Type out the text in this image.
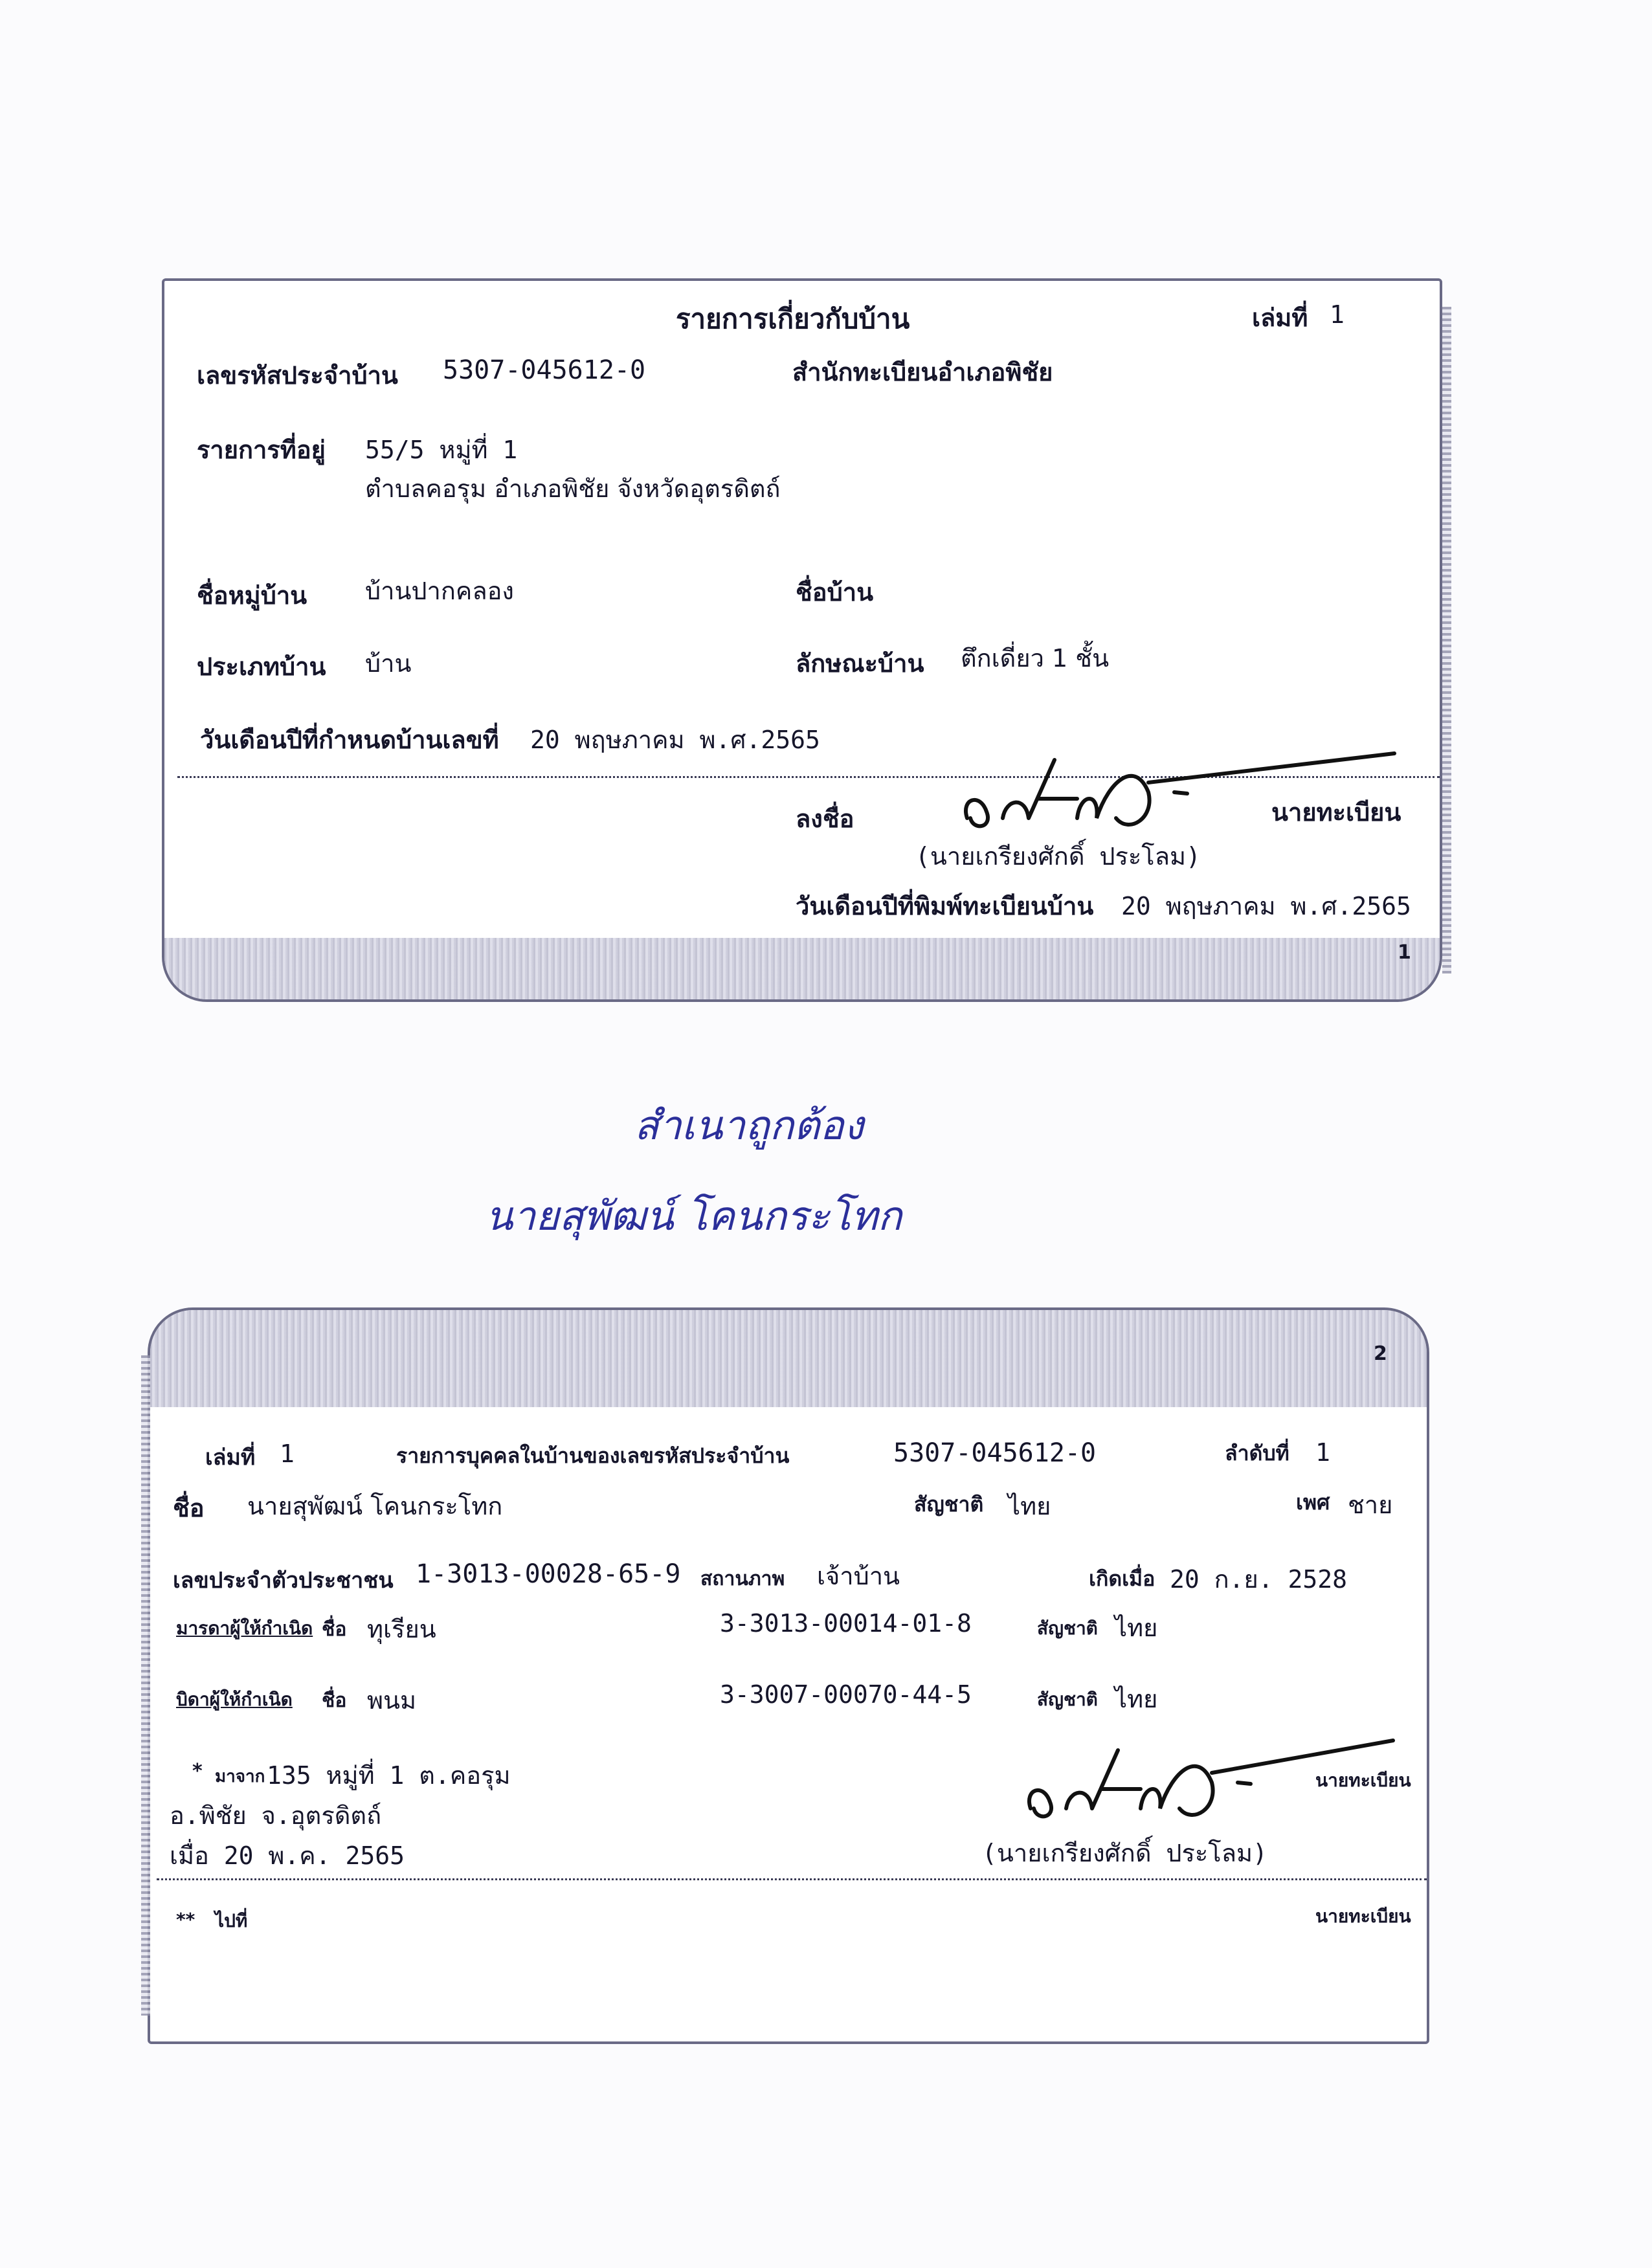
รายการเกี่ยวกับบ้าน	เล่มที่ 1
เลขรหัสประจำบ้าน 5307-045612-0	สำนักทะเบียนอำเภอพิชัย
รายการที่อยู่ 55/5 หมู่ที่ 1
ตำบลคอรุม อำเภอพิชัย จังหวัดอุตรดิตถ์
ชื่อหมู่บ้าน บ้านปากคลอง	ชื่อบ้าน
ประเภทบ้าน บ้าน	ลักษณะบ้าน ตึกเดี่ยว 1 ชั้น
วันเดือนปีที่กำหนดบ้านเลขที่ 20 พฤษภาคม พ.ศ.2565
ลงชื่อ	นายทะเบียน
(นายเกรียงศักดิ์ ประโลม)
วันเดือนปีที่พิมพ์ทะเบียนบ้าน 20 พฤษภาคม พ.ศ.2565
1
สำเนาถูกต้อง
นายสุพัฒน์ โคนกระโทก
2
เล่มที่ 1	รายการบุคคลในบ้านของเลขรหัสประจำบ้าน	5307-045612-0	ลำดับที่ 1
ชื่อ นายสุพัฒน์ โคนกระโทก	สัญชาติ ไทย	เพศ ชาย
เลขประจำตัวประชาชน 1-3013-00028-65-9 สถานภาพ เจ้าบ้าน	เกิดเมื่อ 20 ก.ย. 2528
มารดาผู้ให้กำเนิด ชื่อ ทุเรียน	3-3013-00014-01-8	สัญชาติ ไทย
บิดาผู้ให้กำเนิด ชื่อ พนม	3-3007-00070-44-5	สัญชาติ ไทย
* มาจาก 135 หมู่ที่ 1 ต.คอรุม
อ.พิชัย จ.อุตรดิตถ์
เมื่อ 20 พ.ค. 2565
นายทะเบียน
(นายเกรียงศักดิ์ ประโลม)
** ไปที่	นายทะเบียน
